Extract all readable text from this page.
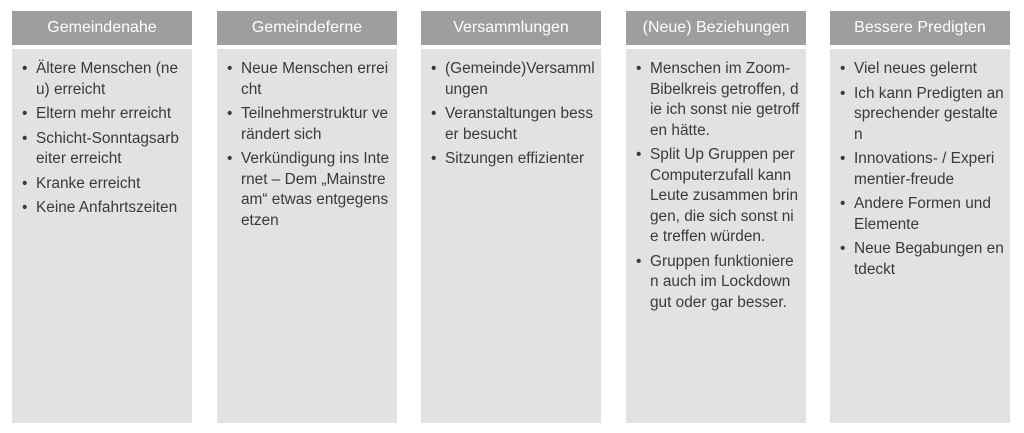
Gemeindenahe
• Ältere Menschen (neu) erreicht
• Eltern mehr erreicht
• Schicht-Sonntagsarbeiter erreicht
• Kranke erreicht
• Keine Anfahrtszeiten
Gemeindeferne
• Neue Menschen erreicht
• Teilnehmerstruktur verändert sich
• Verkündigung ins Internet – Dem „Mainstream“ etwas entgegensetzen
Versammlungen
• (Gemeinde)Versammlungen
• Veranstaltungen besser besucht
• Sitzungen effizienter
(Neue) Beziehungen
• Menschen im Zoom-Bibelkreis getroffen, die ich sonst nie getroffen hätte.
• Split Up Gruppen per Computerzufall kann Leute zusammen bringen, die sich sonst nie treffen würden.
• Gruppen funktionieren auch im Lockdown gut oder gar besser.
Bessere Predigten
• Viel neues gelernt
• Ich kann Predigten ansprechender gestalten
• Innovations- / Experimentier-freude
• Andere Formen und Elemente
• Neue Begabungen entdeckt
